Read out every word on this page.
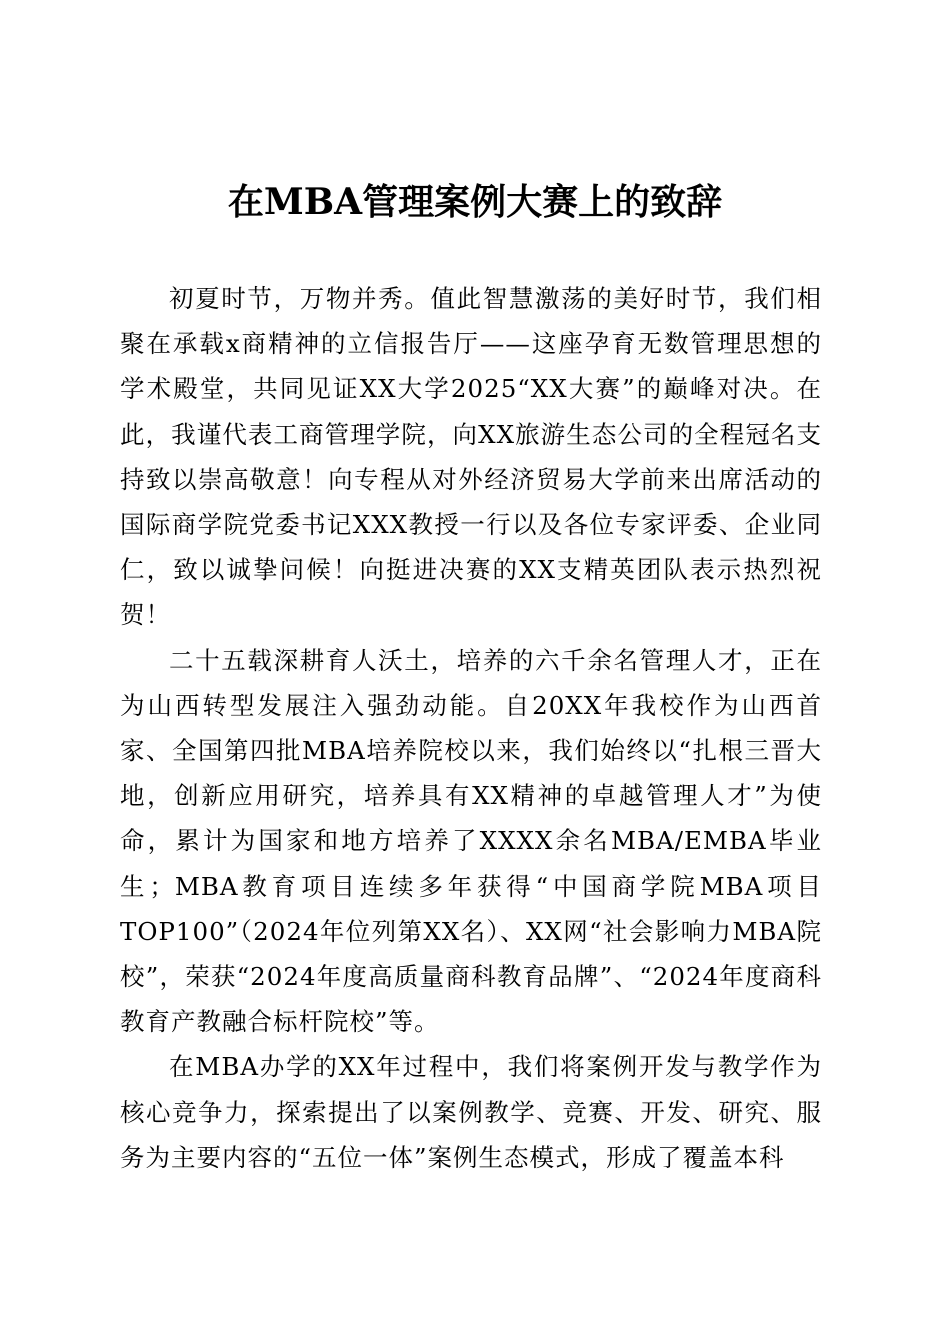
在MBA管理案例大赛上的致辞

初夏时节，万物并秀。值此智慧激荡的美好时节，我们相聚在承载x商精神的立信报告厅——这座孕育无数管理思想的学术殿堂，共同见证XX大学2025“XX大赛”的巅峰对决。在此，我谨代表工商管理学院，向XX旅游生态公司的全程冠名支持致以崇高敬意！向专程从对外经济贸易大学前来出席活动的国际商学院党委书记XXX教授一行以及各位专家评委、企业同仁，致以诚挚问候！向挺进决赛的XX支精英团队表示热烈祝贺！

二十五载深耕育人沃土，培养的六千余名管理人才，正在为山西转型发展注入强劲动能。自20XX年我校作为山西首家、全国第四批MBA培养院校以来，我们始终以“扎根三晋大地，创新应用研究，培养具有XX精神的卓越管理人才”为使命，累计为国家和地方培养了XXXX余名MBA/EMBA毕业生；MBA教育项目连续多年获得“中国商学院MBA项目TOP100”（2024年位列第XX名）、XX网“社会影响力MBA院校”，荣获“2024年度高质量商科教育品牌”、“2024年度商科教育产教融合标杆院校”等。

在MBA办学的XX年过程中，我们将案例开发与教学作为核心竞争力，探索提出了以案例教学、竞赛、开发、研究、服务为主要内容的“五位一体”案例生态模式，形成了覆盖本科
